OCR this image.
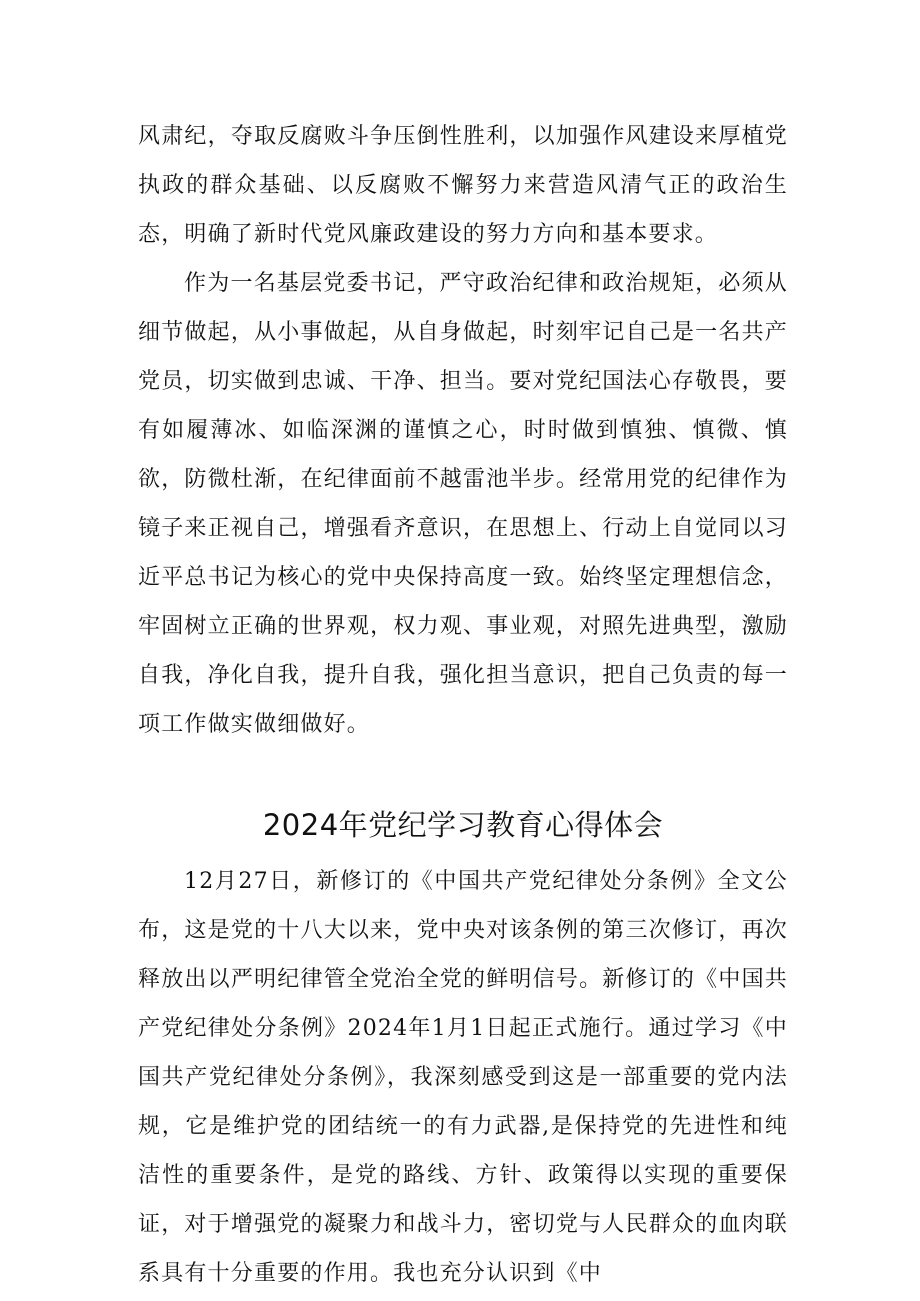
风肃纪，夺取反腐败斗争压倒性胜利，以加强作风建设来厚植党执政的群众基础、以反腐败不懈努力来营造风清气正的政治生态，明确了新时代党风廉政建设的努力方向和基本要求。

作为一名基层党委书记，严守政治纪律和政治规矩，必须从细节做起，从小事做起，从自身做起，时刻牢记自己是一名共产党员，切实做到忠诚、干净、担当。要对党纪国法心存敬畏，要有如履薄冰、如临深渊的谨慎之心，时时做到慎独、慎微、慎欲，防微杜渐，在纪律面前不越雷池半步。经常用党的纪律作为镜子来正视自己，增强看齐意识，在思想上、行动上自觉同以习近平总书记为核心的党中央保持高度一致。始终坚定理想信念，牢固树立正确的世界观，权力观、事业观，对照先进典型，激励自我，净化自我，提升自我，强化担当意识，把自己负责的每一项工作做实做细做好。

2024年党纪学习教育心得体会

12月27日，新修订的《中国共产党纪律处分条例》全文公布，这是党的十八大以来，党中央对该条例的第三次修订，再次释放出以严明纪律管全党治全党的鲜明信号。新修订的《中国共产党纪律处分条例》2024年1月1日起正式施行。通过学习《中国共产党纪律处分条例》，我深刻感受到这是一部重要的党内法规，它是维护党的团结统一的有力武器,是保持党的先进性和纯洁性的重要条件，是党的路线、方针、政策得以实现的重要保证，对于增强党的凝聚力和战斗力，密切党与人民群众的血肉联系具有十分重要的作用。我也充分认识到《中
